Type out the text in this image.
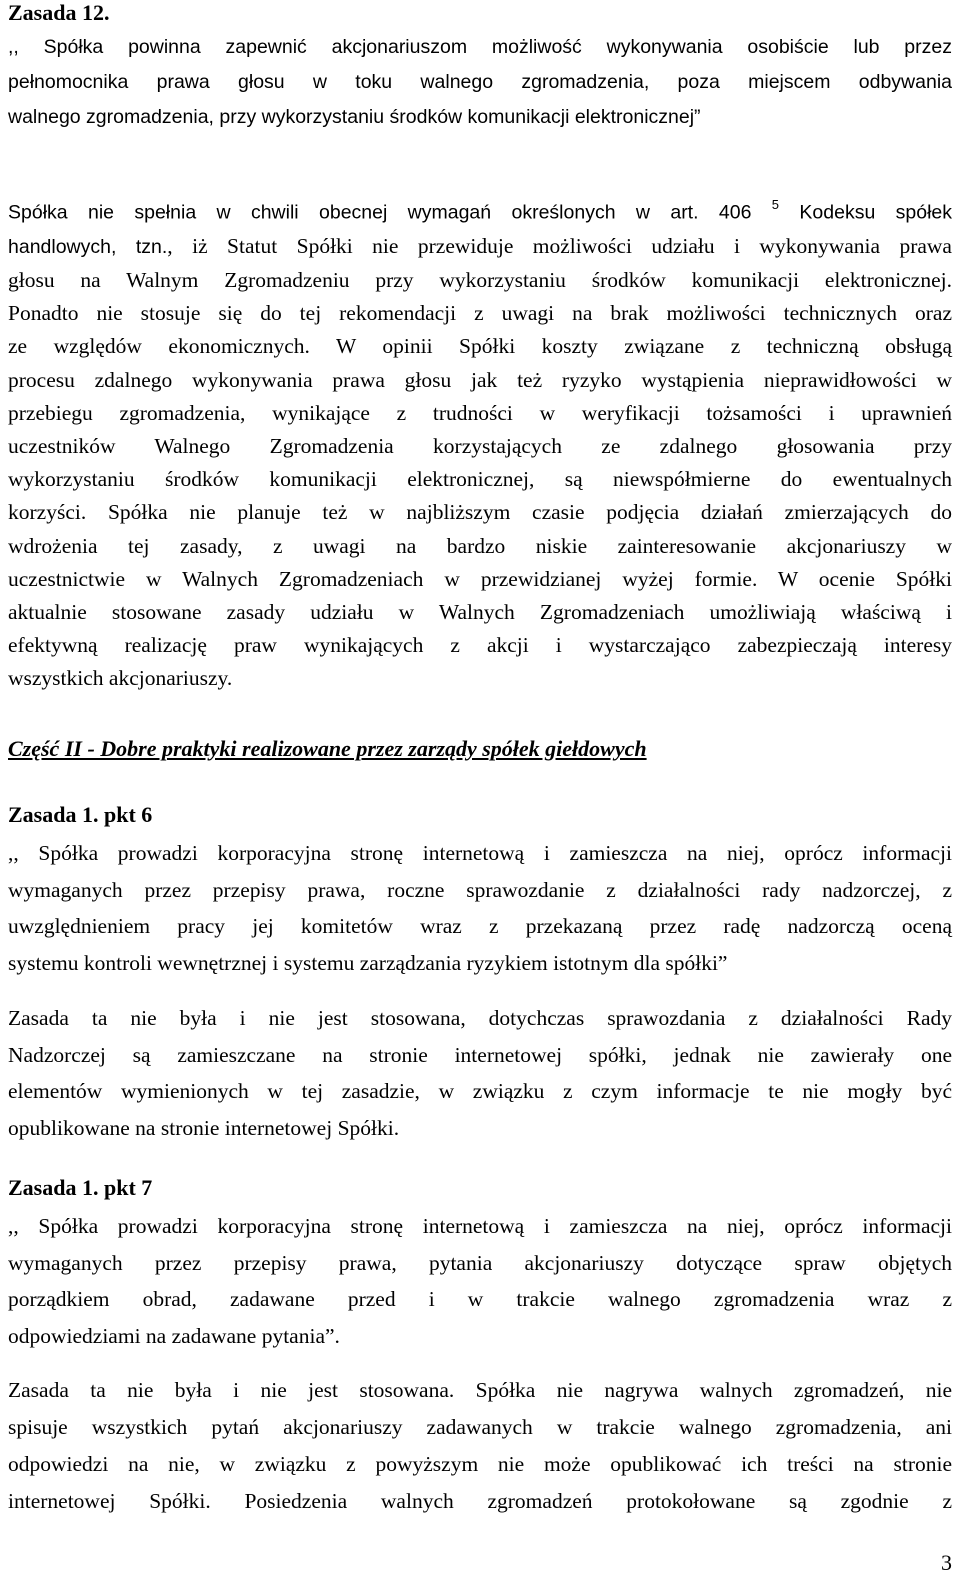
Zasada 12.

,, Spółka powinna zapewnić akcjonariuszom możliwość wykonywania osobiście lub przez

pełnomocnika prawa głosu w toku walnego zgromadzenia, poza miejscem odbywania

walnego zgromadzenia, przy wykorzystaniu środków komunikacji elektronicznej”

Spółka nie spełnia w chwili obecnej wymagań określonych w art. 406 $^5$ Kodeksu spółek

handlowych, tzn., iż Statut Spółki nie przewiduje możliwości udziału i wykonywania prawa

głosu na Walnym Zgromadzeniu przy wykorzystaniu środków komunikacji elektronicznej.

Ponadto nie stosuje się do tej rekomendacji z uwagi na brak możliwości technicznych oraz

ze względów ekonomicznych. W opinii Spółki koszty związane z techniczną obsługą

procesu zdalnego wykonywania prawa głosu jak też ryzyko wystąpienia nieprawidłowości w

przebiegu zgromadzenia, wynikające z trudności w weryfikacji tożsamości i uprawnień

uczestników Walnego Zgromadzenia korzystających ze zdalnego głosowania przy

wykorzystaniu środków komunikacji elektronicznej, są niewspółmierne do ewentualnych

korzyści. Spółka nie planuje też w najbliższym czasie podjęcia działań zmierzających do

wdrożenia tej zasady, z uwagi na bardzo niskie zainteresowanie akcjonariuszy w

uczestnictwie w Walnych Zgromadzeniach w przewidzianej wyżej formie. W ocenie Spółki

aktualnie stosowane zasady udziału w Walnych Zgromadzeniach umożliwiają właściwą i

efektywną realizację praw wynikających z akcji i wystarczająco zabezpieczają interesy

wszystkich akcjonariuszy.

Część II - Dobre praktyki realizowane przez zarządy spółek giełdowych
Zasada 1. pkt 6

,, Spółka prowadzi korporacyjna stronę internetową i zamieszcza na niej, oprócz informacji

wymaganych przez przepisy prawa, roczne sprawozdanie z działalności rady nadzorczej, z

uwzględnieniem pracy jej komitetów wraz z przekazaną przez radę nadzorczą oceną

systemu kontroli wewnętrznej i systemu zarządzania ryzykiem istotnym dla spółki”

Zasada ta nie była i nie jest stosowana, dotychczas sprawozdania z działalności Rady

Nadzorczej są zamieszczane na stronie internetowej spółki, jednak nie zawierały one

elementów wymienionych w tej zasadzie, w związku z czym informacje te nie mogły być

opublikowane na stronie internetowej Spółki.

Zasada 1. pkt 7

,, Spółka prowadzi korporacyjna stronę internetową i zamieszcza na niej, oprócz informacji

wymaganych przez przepisy prawa, pytania akcjonariuszy dotyczące spraw objętych

porządkiem obrad, zadawane przed i w trakcie walnego zgromadzenia wraz z

odpowiedziami na zadawane pytania”.

Zasada ta nie była i nie jest stosowana. Spółka nie nagrywa walnych zgromadzeń, nie

spisuje wszystkich pytań akcjonariuszy zadawanych w trakcie walnego zgromadzenia, ani

odpowiedzi na nie, w związku z powyższym nie może opublikować ich treści na stronie

internetowej Spółki. Posiedzenia walnych zgromadzeń protokołowane są zgodnie z

3
